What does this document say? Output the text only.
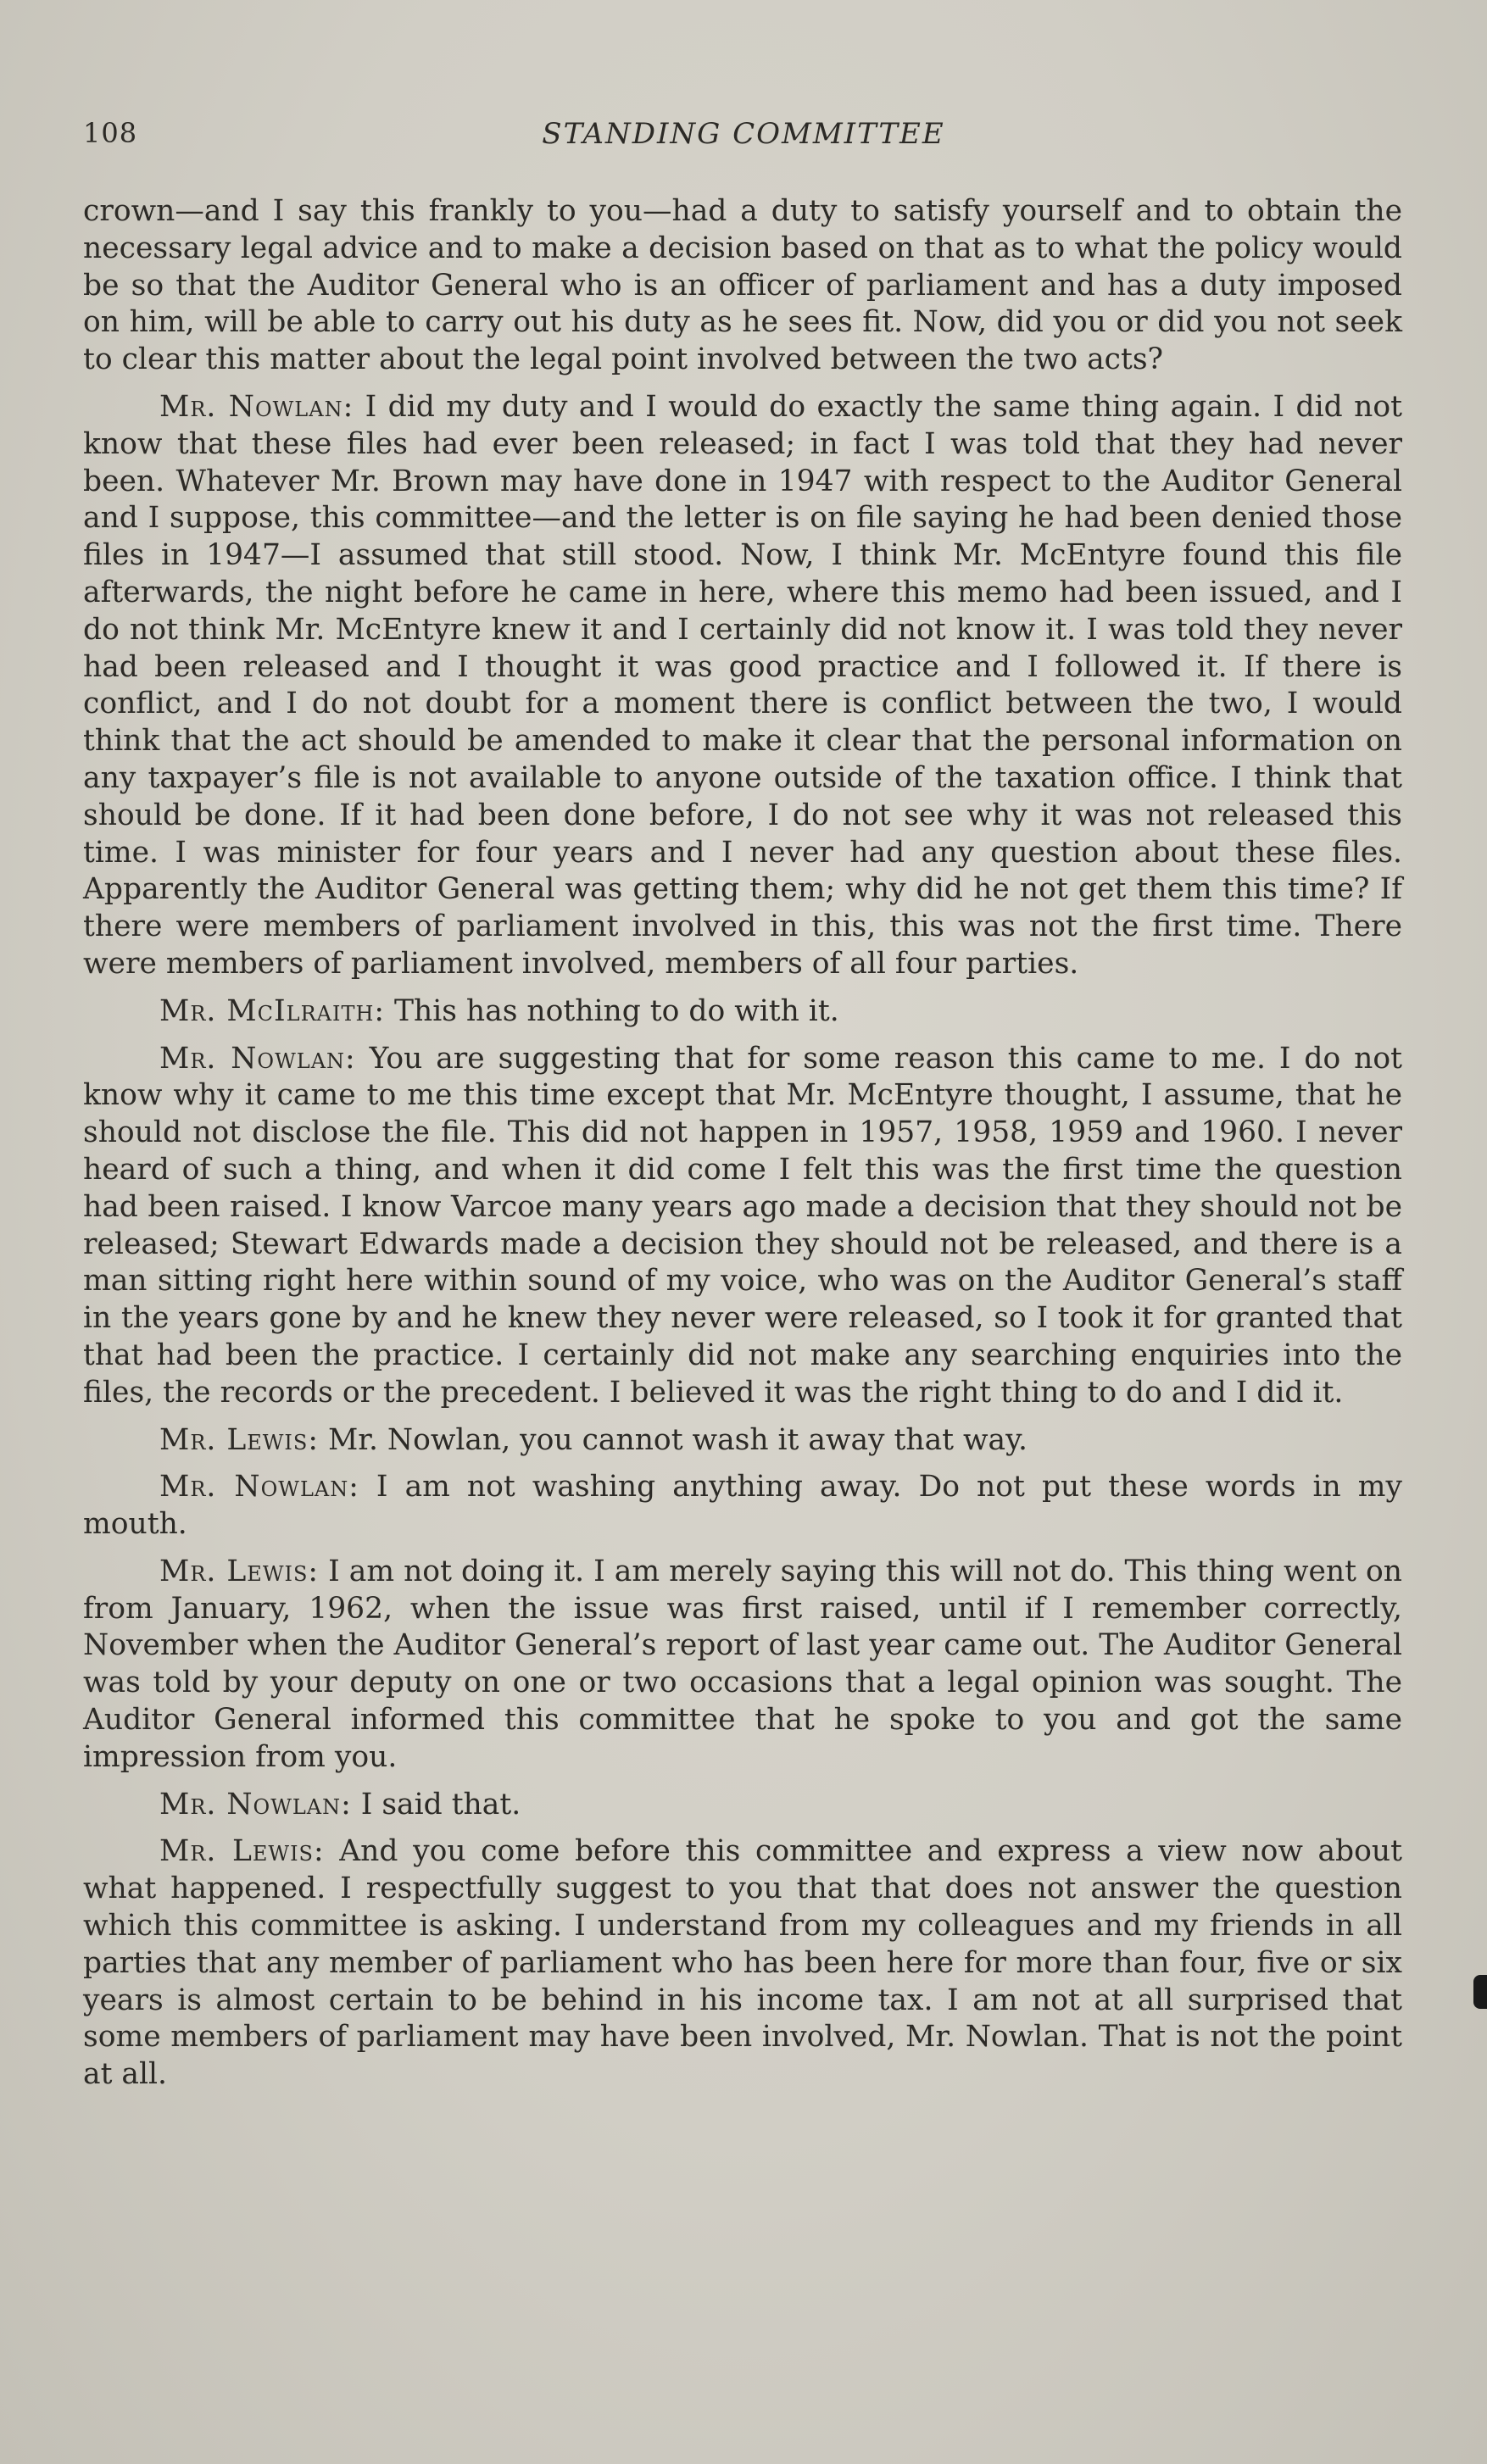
108	STANDING COMMITTEE

crown—and I say this frankly to you—had a duty to satisfy yourself and to obtain the necessary legal advice and to make a decision based on that as to what the policy would be so that the Auditor General who is an officer of parliament and has a duty imposed on him, will be able to carry out his duty as he sees fit. Now, did you or did you not seek to clear this matter about the legal point involved between the two acts?

Mr. Nowlan: I did my duty and I would do exactly the same thing again. I did not know that these files had ever been released; in fact I was told that they had never been. Whatever Mr. Brown may have done in 1947 with respect to the Auditor General and I suppose, this committee—and the letter is on file saying he had been denied those files in 1947—I assumed that still stood. Now, I think Mr. McEntyre found this file afterwards, the night before he came in here, where this memo had been issued, and I do not think Mr. McEntyre knew it and I certainly did not know it. I was told they never had been released and I thought it was good practice and I followed it. If there is conflict, and I do not doubt for a moment there is conflict between the two, I would think that the act should be amended to make it clear that the personal information on any taxpayer’s file is not available to anyone outside of the taxation office. I think that should be done. If it had been done before, I do not see why it was not released this time. I was minister for four years and I never had any question about these files. Apparently the Auditor General was getting them; why did he not get them this time? If there were members of parliament involved in this, this was not the first time. There were members of parliament involved, members of all four parties.

Mr. McIlraith: This has nothing to do with it.

Mr. Nowlan: You are suggesting that for some reason this came to me. I do not know why it came to me this time except that Mr. McEntyre thought, I assume, that he should not disclose the file. This did not happen in 1957, 1958, 1959 and 1960. I never heard of such a thing, and when it did come I felt this was the first time the question had been raised. I know Varcoe many years ago made a decision that they should not be released; Stewart Edwards made a decision they should not be released, and there is a man sitting right here within sound of my voice, who was on the Auditor General’s staff in the years gone by and he knew they never were released, so I took it for granted that that had been the practice. I certainly did not make any searching enquiries into the files, the records or the precedent. I believed it was the right thing to do and I did it.

Mr. Lewis: Mr. Nowlan, you cannot wash it away that way.

Mr. Nowlan: I am not washing anything away. Do not put these words in my mouth.

Mr. Lewis: I am not doing it. I am merely saying this will not do. This thing went on from January, 1962, when the issue was first raised, until if I remember correctly, November when the Auditor General’s report of last year came out. The Auditor General was told by your deputy on one or two occasions that a legal opinion was sought. The Auditor General informed this committee that he spoke to you and got the same impression from you.

Mr. Nowlan: I said that.

Mr. Lewis: And you come before this committee and express a view now about what happened. I respectfully suggest to you that that does not answer the question which this committee is asking. I understand from my colleagues and my friends in all parties that any member of parliament who has been here for more than four, five or six years is almost certain to be behind in his income tax. I am not at all surprised that some members of parliament may have been involved, Mr. Nowlan. That is not the point at all.
